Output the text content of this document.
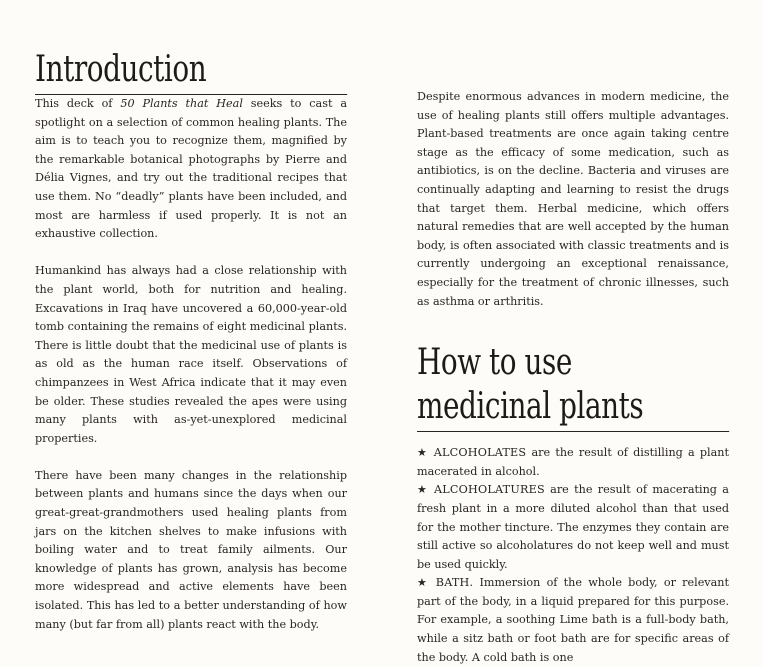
Introduction

This deck of 50 Plants that Heal seeks to cast a spotlight on a selection of common healing plants. The aim is to teach you to recognize them, magnified by the remarkable botanical photographs by Pierre and Délia Vignes, and try out the traditional recipes that use them. No “deadly” plants have been included, and most are harmless if used properly. It is not an exhaustive collection.

Humankind has always had a close relationship with the plant world, both for nutrition and healing. Excavations in Iraq have uncovered a 60,000-year-old tomb containing the remains of eight medicinal plants. There is little doubt that the medicinal use of plants is as old as the human race itself. Observations of chimpanzees in West Africa indicate that it may even be older. These studies revealed the apes were using many plants with as-yet-unexplored medicinal properties.

There have been many changes in the relationship between plants and humans since the days when our great-great-grandmothers used healing plants from jars on the kitchen shelves to make infusions with boiling water and to treat family ailments. Our knowledge of plants has grown, analysis has become more widespread and active elements have been isolated. This has led to a better understanding of how many (but far from all) plants react with the body.

Despite enormous advances in modern medicine, the use of healing plants still offers multiple advantages. Plant-based treatments are once again taking centre stage as the efficacy of some medication, such as antibiotics, is on the decline. Bacteria and viruses are continually adapting and learning to resist the drugs that target them. Herbal medicine, which offers natural remedies that are well accepted by the human body, is often associated with classic treatments and is currently undergoing an exceptional renaissance, especially for the treatment of chronic illnesses, such as asthma or arthritis.

How to use
medicinal plants

★ ALCOHOLATES are the result of distilling a plant macerated in alcohol.

★ ALCOHOLATURES are the result of macerating a fresh plant in a more diluted alcohol than that used for the mother tincture. The enzymes they contain are still active so alcoholatures do not keep well and must be used quickly.

★ BATH. Immersion of the whole body, or relevant part of the body, in a liquid prepared for this purpose. For example, a soothing Lime bath is a full-body bath, while a sitz bath or foot bath are for specific areas of the body. A cold bath is one
